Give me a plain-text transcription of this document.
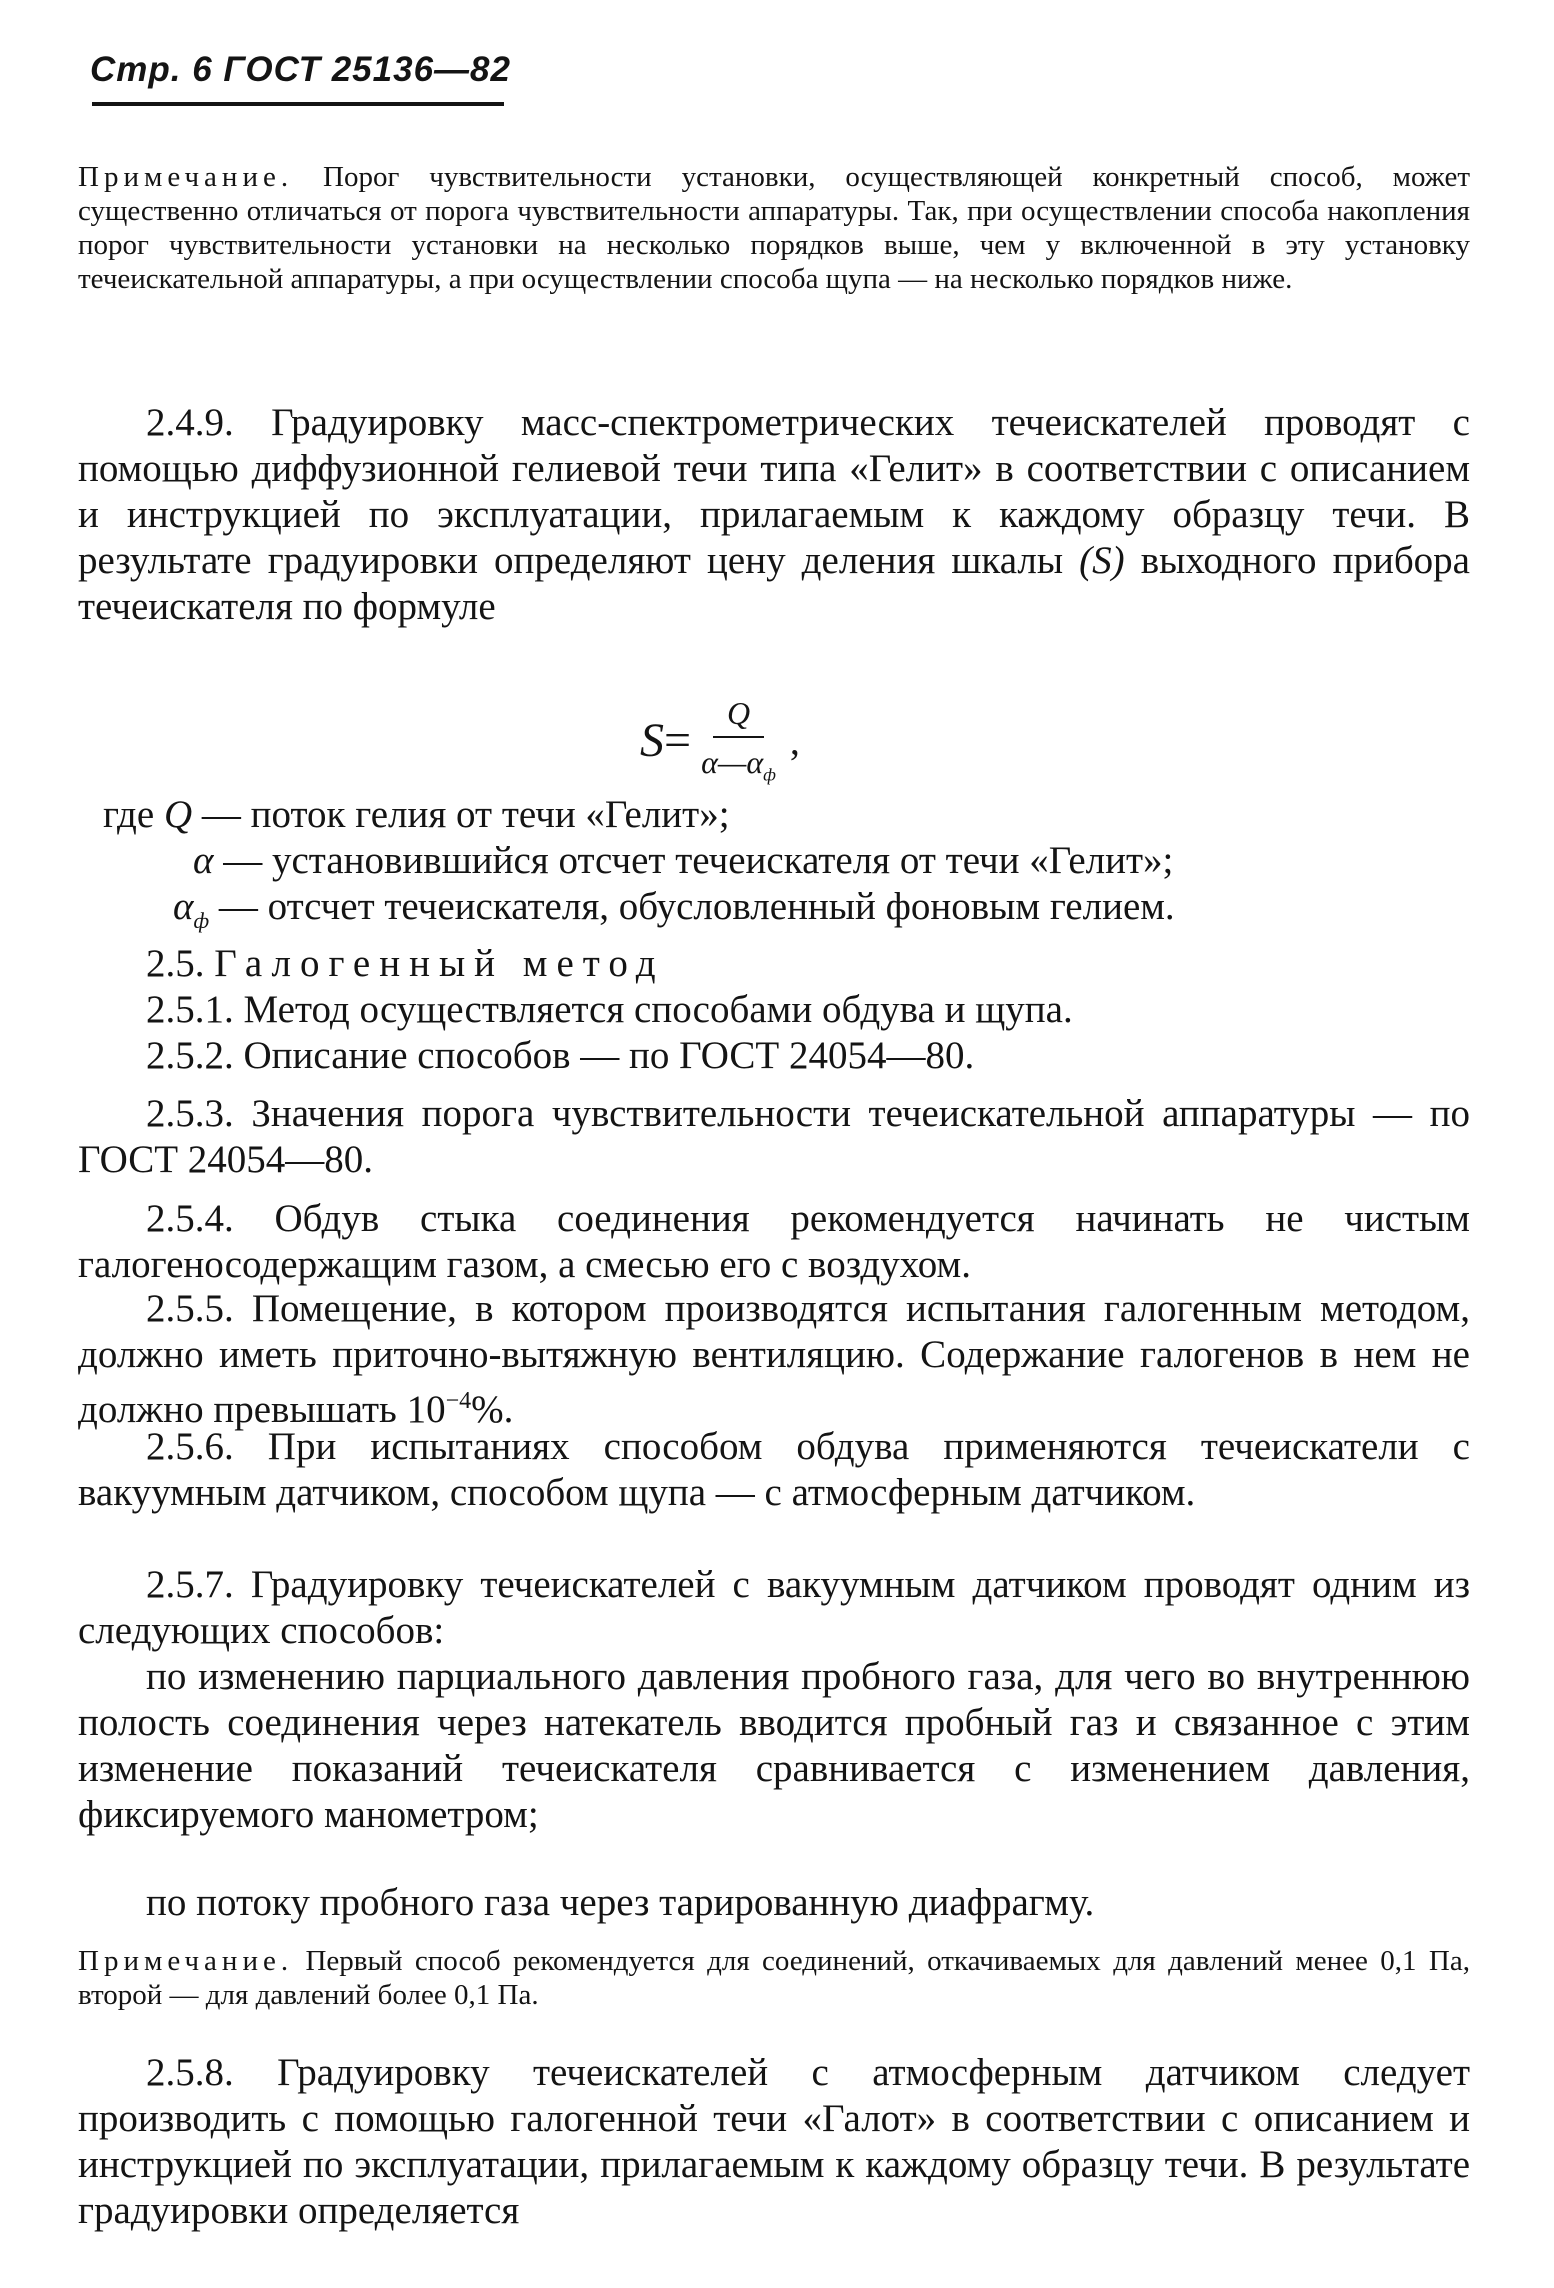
Стр. 6 ГОСТ 25136—82
Примечание. Порог чувствительности установки, осуществляющей конкретный способ, может существенно отличаться от порога чувствительности аппаратуры. Так, при осуществлении способа накопления порог чувствительности установки на несколько порядков выше, чем у включенной в эту установку течеискательной аппаратуры, а при осуществлении способа щупа — на несколько порядков ниже.
2.4.9. Градуировку масс-спектрометрических течеискателей проводят с помощью диффузионной гелиевой течи типа «Гелит» в соответствии с описанием и инструкцией по эксплуатации, прилагаемым к каждому образцу течи. В результате градуировки определяют цену деления шкалы (S) выходного прибора течеискателя по формуле
$S = \frac{Q}{\alpha—\alpha_ф}$ ,
где Q — поток гелия от течи «Гелит»;
α — установившийся отсчет течеискателя от течи «Гелит»;
$\alpha_ф$ — отсчет течеискателя, обусловленный фоновым гелием.
2.5. Галогенный метод
2.5.1. Метод осуществляется способами обдува и щупа.
2.5.2. Описание способов — по ГОСТ 24054—80.
2.5.3. Значения порога чувствительности течеискательной аппаратуры — по ГОСТ 24054—80.
2.5.4. Обдув стыка соединения рекомендуется начинать не чистым галогеносодержащим газом, а смесью его с воздухом.
2.5.5. Помещение, в котором производятся испытания галогенным методом, должно иметь приточно-вытяжную вентиляцию. Содержание галогенов в нем не должно превышать $10^{-4}\%$.
2.5.6. При испытаниях способом обдува применяются течеискатели с вакуумным датчиком, способом щупа — с атмосферным датчиком.
2.5.7. Градуировку течеискателей с вакуумным датчиком проводят одним из следующих способов:
по изменению парциального давления пробного газа, для чего во внутреннюю полость соединения через натекатель вводится пробный газ и связанное с этим изменение показаний течеискателя сравнивается с изменением давления, фиксируемого манометром;
по потоку пробного газа через тарированную диафрагму.
Примечание. Первый способ рекомендуется для соединений, откачиваемых для давлений менее 0,1 Па, второй — для давлений более 0,1 Па.
2.5.8. Градуировку течеискателей с атмосферным датчиком следует производить с помощью галогенной течи «Галот» в соответствии с описанием и инструкцией по эксплуатации, прилагаемым к каждому образцу течи. В результате градуировки определяется
